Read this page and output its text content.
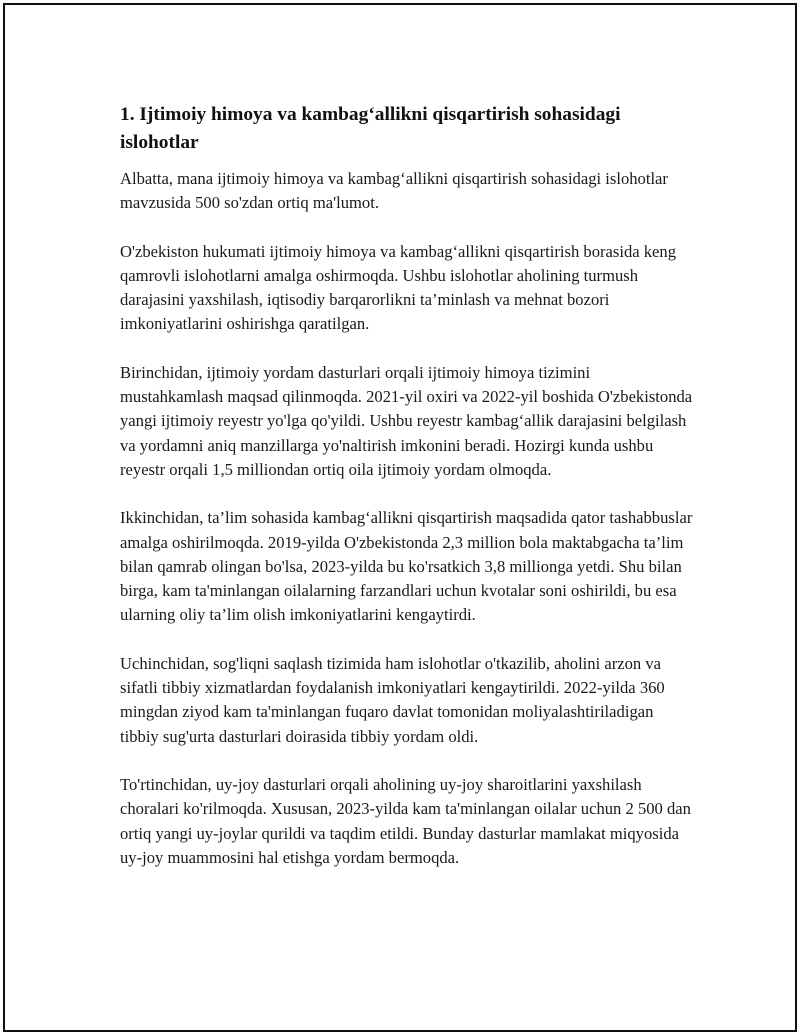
1. Ijtimoiy himoya va kambag‘allikni qisqartirish sohasidagi islohotlar

Albatta, mana ijtimoiy himoya va kambag‘allikni qisqartirish sohasidagi islohotlar mavzusida 500 so'zdan ortiq ma'lumot.

O'zbekiston hukumati ijtimoiy himoya va kambag‘allikni qisqartirish borasida keng qamrovli islohotlarni amalga oshirmoqda. Ushbu islohotlar aholining turmush darajasini yaxshilash, iqtisodiy barqarorlikni ta’minlash va mehnat bozori imkoniyatlarini oshirishga qaratilgan.

Birinchidan, ijtimoiy yordam dasturlari orqali ijtimoiy himoya tizimini mustahkamlash maqsad qilinmoqda. 2021-yil oxiri va 2022-yil boshida O'zbekistonda yangi ijtimoiy reyestr yo'lga qo'yildi. Ushbu reyestr kambag‘allik darajasini belgilash va yordamni aniq manzillarga yo'naltirish imkonini beradi. Hozirgi kunda ushbu reyestr orqali 1,5 milliondan ortiq oila ijtimoiy yordam olmoqda.

Ikkinchidan, ta’lim sohasida kambag‘allikni qisqartirish maqsadida qator tashabbuslar amalga oshirilmoqda. 2019-yilda O'zbekistonda 2,3 million bola maktabgacha ta’lim bilan qamrab olingan bo'lsa, 2023-yilda bu ko'rsatkich 3,8 millionga yetdi. Shu bilan birga, kam ta'minlangan oilalarning farzandlari uchun kvotalar soni oshirildi, bu esa ularning oliy ta’lim olish imkoniyatlarini kengaytirdi.

Uchinchidan, sog'liqni saqlash tizimida ham islohotlar o'tkazilib, aholini arzon va sifatli tibbiy xizmatlardan foydalanish imkoniyatlari kengaytirildi. 2022-yilda 360 mingdan ziyod kam ta'minlangan fuqaro davlat tomonidan moliyalashtiriladigan tibbiy sug'urta dasturlari doirasida tibbiy yordam oldi.

To'rtinchidan, uy-joy dasturlari orqali aholining uy-joy sharoitlarini yaxshilash choralari ko'rilmoqda. Xususan, 2023-yilda kam ta'minlangan oilalar uchun 2 500 dan ortiq yangi uy-joylar qurildi va taqdim etildi. Bunday dasturlar mamlakat miqyosida uy-joy muammosini hal etishga yordam bermoqda.
